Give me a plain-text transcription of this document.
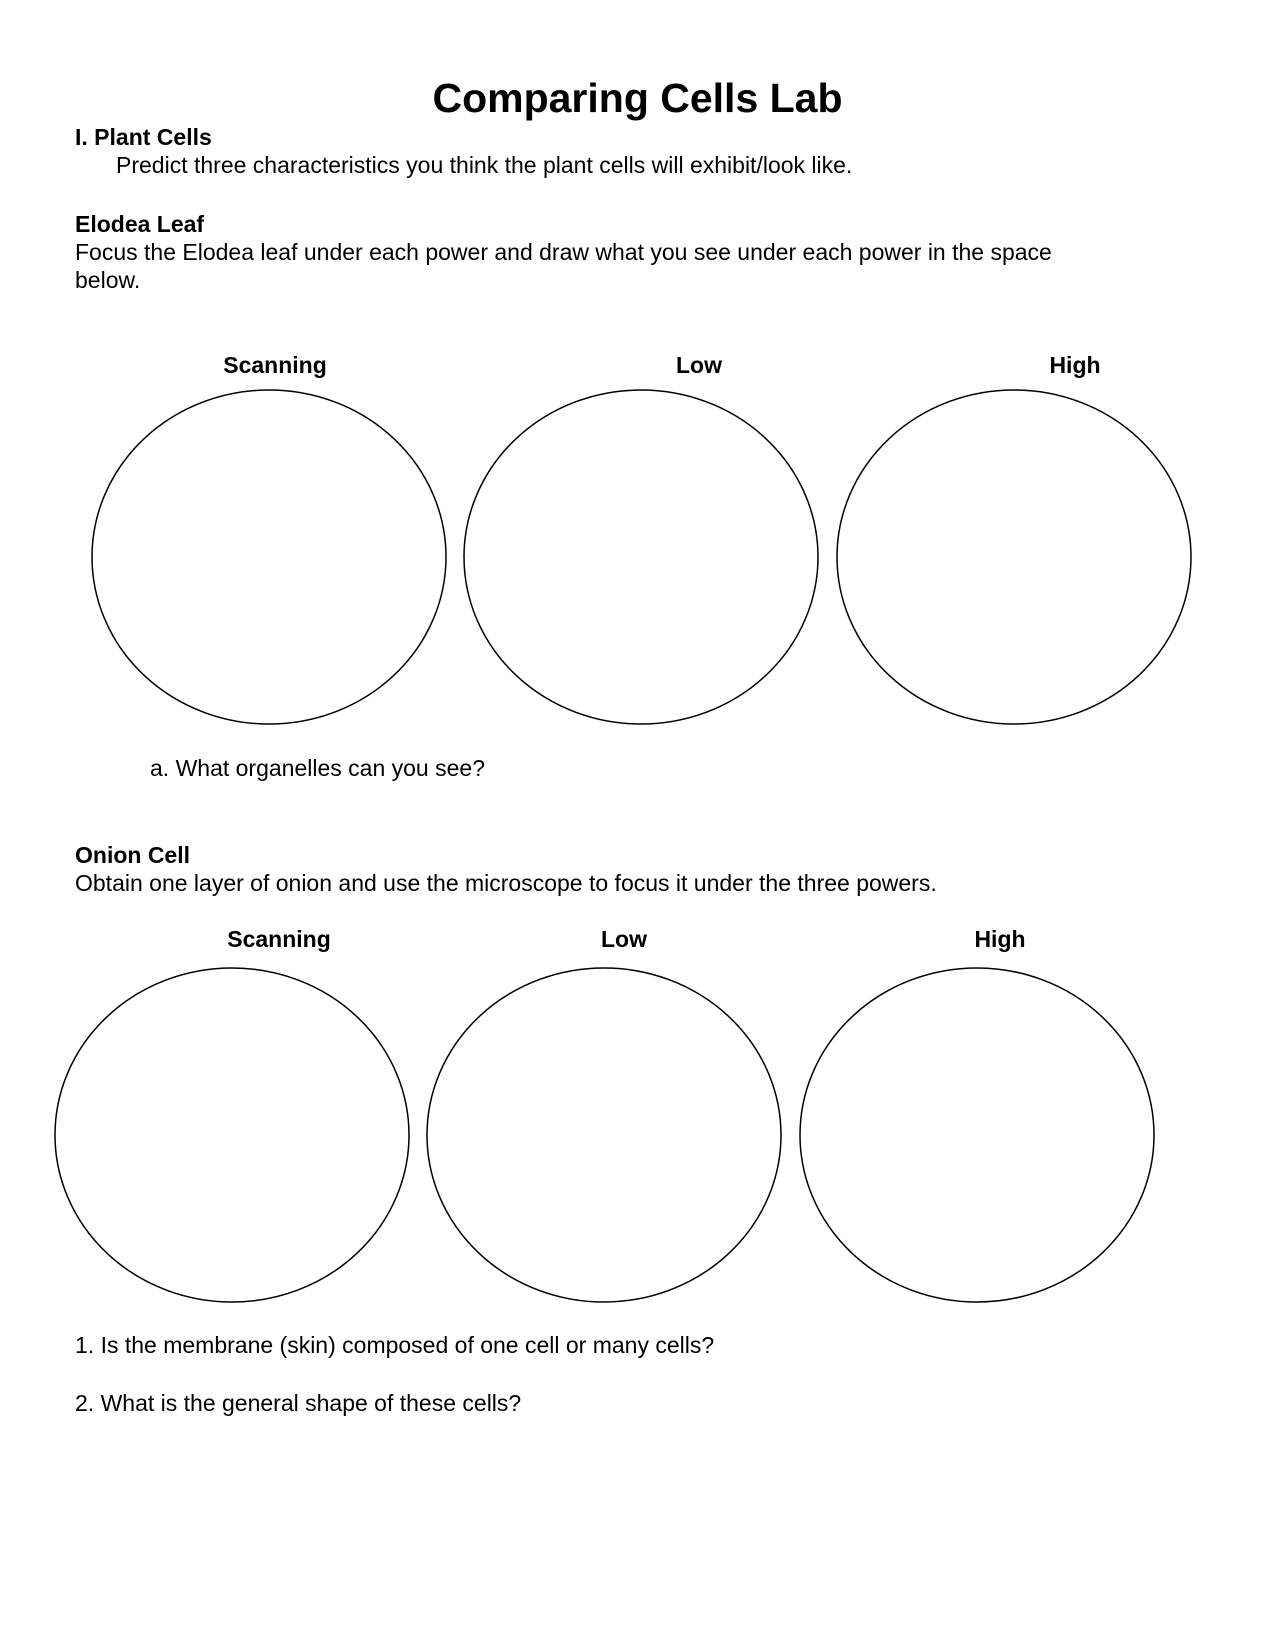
Comparing Cells Lab
I. Plant Cells
Predict three characteristics you think the plant cells will exhibit/look like.
Elodea Leaf
Focus the Elodea leaf under each power and draw what you see under each power in the space
below.
Scanning	Low	High
a. What organelles can you see?
Onion Cell
Obtain one layer of onion and use the microscope to focus it under the three powers.
Scanning	Low	High
1. Is the membrane (skin) composed of one cell or many cells?
2. What is the general shape of these cells?
